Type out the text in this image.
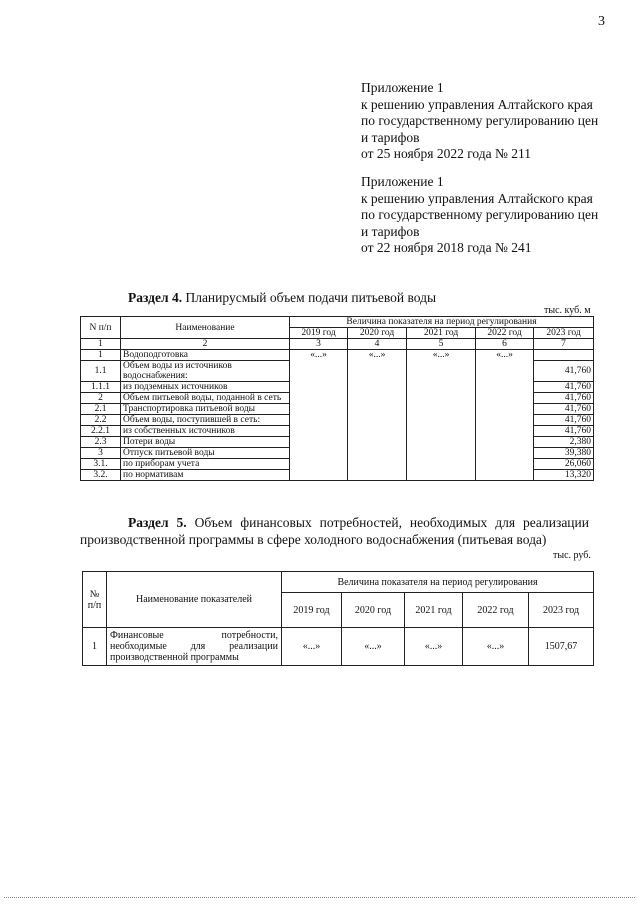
3
Приложение 1
к решению управления Алтайского края
по государственному регулированию цен
и тарифов
от 25 ноября 2022 года № 211
Приложение 1
к решению управления Алтайского края
по государственному регулированию цен
и тарифов
от 22 ноября 2018 года № 241
Раздел 4. Планирусмый объем подачи питьевой воды
тыс. куб. м
N п/п	Наименование	Величина показателя на период регулирования				
		2019 год	2020 год	2021 год	2022 год	2023 год
1	2	3	4	5	6	7
1	Водоподготовка	«...»	«...»	«...»	«...»	
1.1	Объем воды из источников водоснабжения:					41,760
1.1.1	из подземных источников					41,760
2	Объем питьевой воды, поданной в сеть					41,760
2.1	Транспортировка питьевой воды					41,760
2.2	Объем воды, поступившей в сеть:					41,760
2.2.1	из собственных источников					41,760
2.3	Потери воды					2,380
3	Отпуск питьевой воды					39,380
3.1.	по приборам учета					26,060
3.2.	по нормативам					13,320
Раздел 5. Объем финансовых потребностей, необходимых для реализации
производственной программы в сфере холодного водоснабжения (питьевая вода)
тыс. руб.
№ п/п	Наименование показателей	Величина показателя на период регулирования				
		2019 год	2020 год	2021 год	2022 год	2023 год
1	Финансовые потребности, необходимые для реализации производственной программы	«...»	«...»	«...»	«...»	1507,67
